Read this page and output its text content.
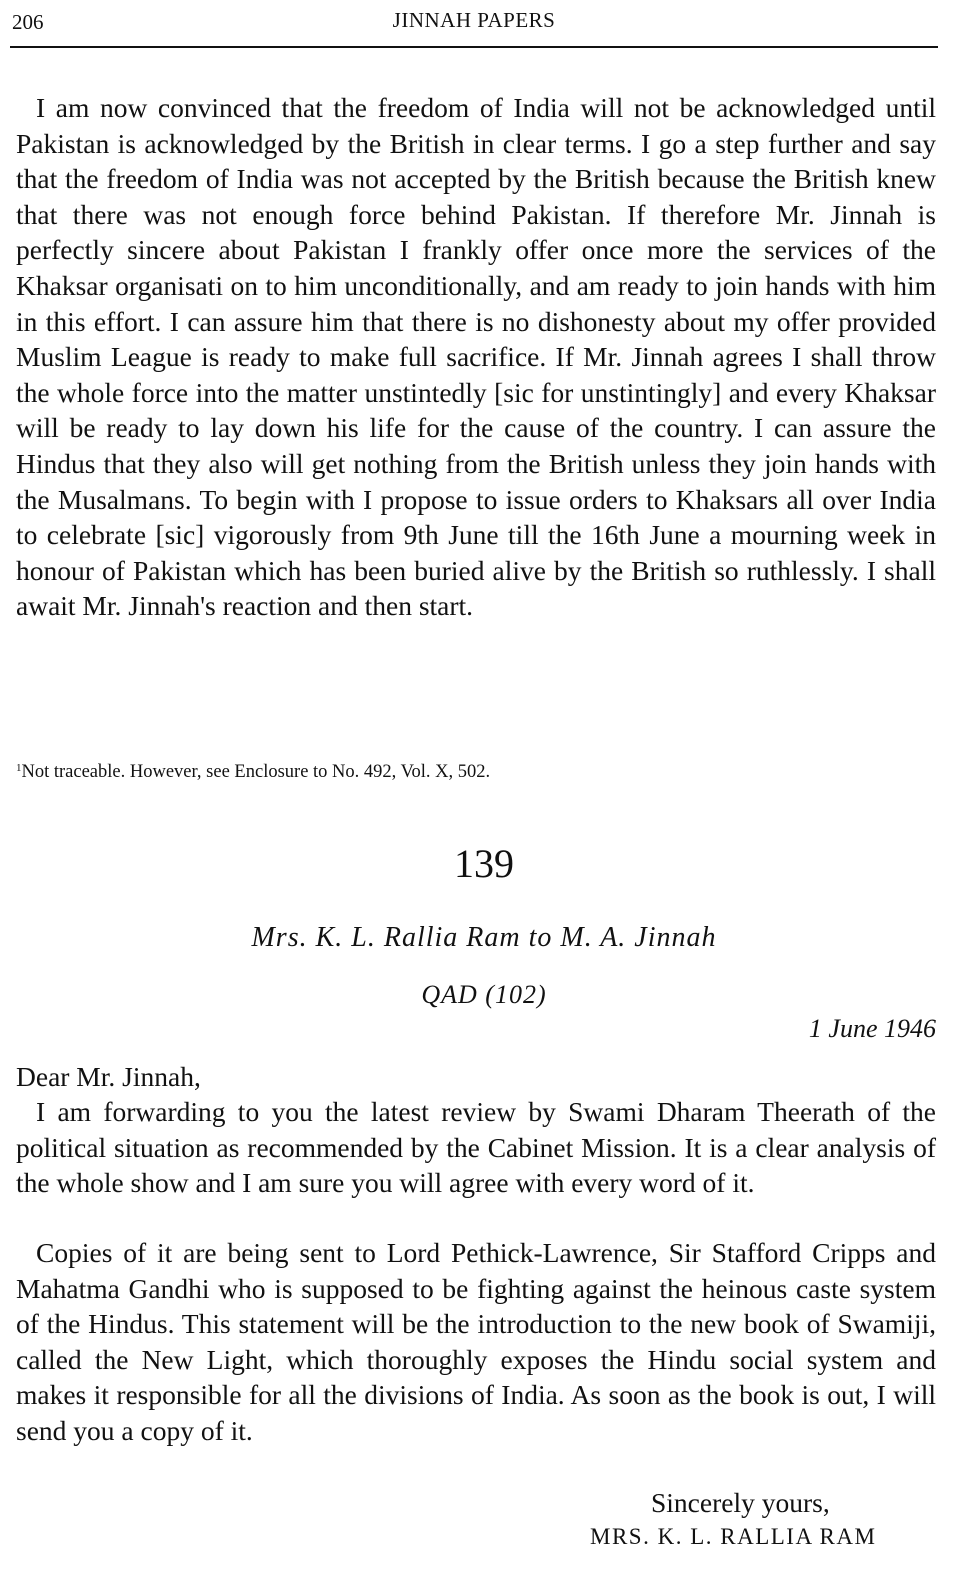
206	JINNAH PAPERS

I am now convinced that the freedom of India will not be acknowledged until Pakistan is acknowledged by the British in clear terms. I go a step further and say that the freedom of India was not accepted by the British because the British knew that there was not enough force behind Pakistan. If therefore Mr. Jinnah is perfectly sincere about Pakistan I frankly offer once more the services of the Khaksar organisati on to him unconditionally, and am ready to join hands with him in this effort. I can assure him that there is no dishonesty about my offer provided Muslim League is ready to make full sacrifice. If Mr. Jinnah agrees I shall throw the whole force into the matter unstintedly [sic for unstintingly] and every Khaksar will be ready to lay down his life for the cause of the country. I can assure the Hindus that they also will get nothing from the British unless they join hands with the Musalmans. To begin with I propose to issue orders to Khaksars all over India to celebrate [sic] vigorously from 9th June till the 16th June a mourning week in honour of Pakistan which has been buried alive by the British so ruthlessly. I shall await Mr. Jinnah's reaction and then start.

$^1$Not traceable. However, see Enclosure to No. 492, Vol. X, 502.

139

Mrs. K. L. Rallia Ram to M. A. Jinnah

QAD (102)

1 June 1946

Dear Mr. Jinnah,

I am forwarding to you the latest review by Swami Dharam Theerath of the political situation as recommended by the Cabinet Mission. It is a clear analysis of the whole show and I am sure you will agree with every word of it.

Copies of it are being sent to Lord Pethick-Lawrence, Sir Stafford Cripps and Mahatma Gandhi who is supposed to be fighting against the heinous caste system of the Hindus. This statement will be the introduction to the new book of Swamiji, called the New Light, which thoroughly exposes the Hindu social system and makes it responsible for all the divisions of India. As soon as the book is out, I will send you a copy of it.

Sincerely yours,

MRS. K. L. RALLIA RAM
